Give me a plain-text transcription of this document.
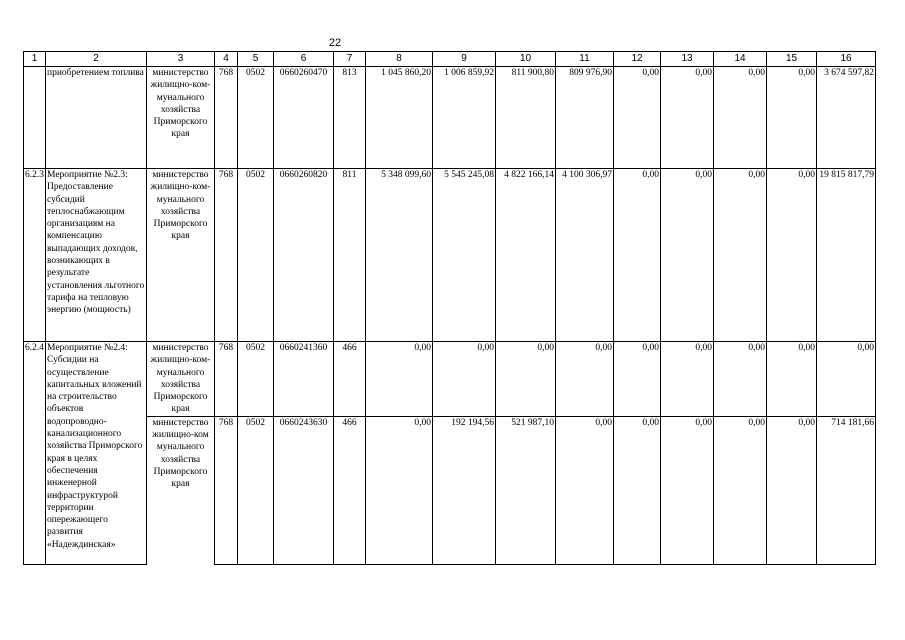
22
1	2	3	4	5	6	7	8	9	10	11	12	13	14	15	16
	приобретением топлива	министерство жилищно-ком-мунального хозяйства Приморского края	768	0502	0660260470	813	1 045 860,20	1 006 859,92	811 900,80	809 976,90	0,00	0,00	0,00	0,00	3 674 597,82
6.2.3	Мероприятие №2.3: Предоставление субсидий теплоснабжающим организациям на компенсацию выпадающих доходов, возникающих в результате установления льготного тарифа на тепловую энергию (мощность)	министерство жилищно-ком-мунального хозяйства Приморского края	768	0502	0660260820	811	5 348 099,60	5 545 245,08	4 822 166,14	4 100 306,97	0,00	0,00	0,00	0,00	19 815 817,79
6.2.4	Мероприятие №2.4: Субсидии на осуществление капитальных вложений на строительство объектов водопроводно-канализационного хозяйства Приморского края в целях обеспечения инженерной инфраструктурой территории опережающего развития «Надеждинская»	министерство жилищно-ком-мунального хозяйства Приморского края	768	0502	0660241360	466	0,00	0,00	0,00	0,00	0,00	0,00	0,00	0,00	0,00
		министерство жилищно-ком мунального хозяйства Приморского края	768	0502	0660243630	466	0,00	192 194,56	521 987,10	0,00	0,00	0,00	0,00	0,00	714 181,66
